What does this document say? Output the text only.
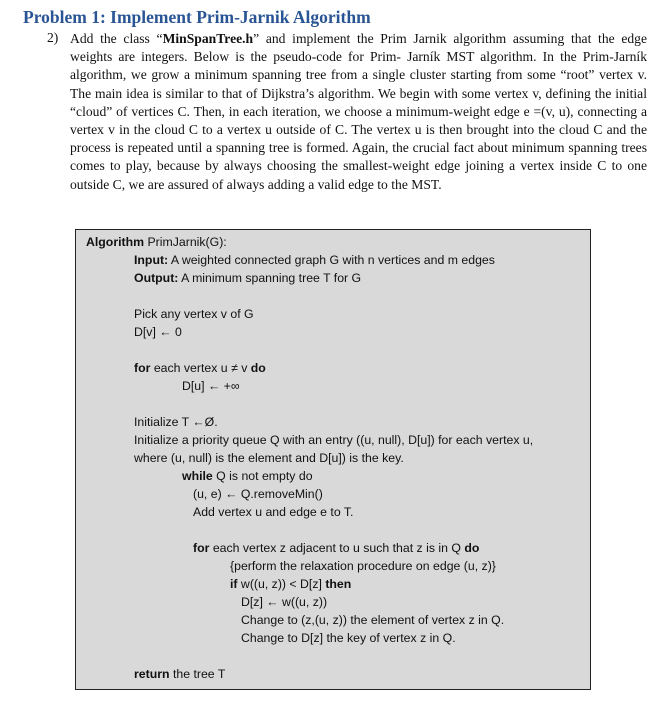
Problem 1: Implement Prim-Jarnik Algorithm
2) Add the class “MinSpanTree.h” and implement the Prim Jarnik algorithm assuming that the edge weights are integers. Below is the pseudo-code for Prim- Jarník MST algorithm. In the Prim-Jarník algorithm, we grow a minimum spanning tree from a single cluster starting from some “root” vertex v. The main idea is similar to that of Dijkstra’s algorithm. We begin with some vertex v, defining the initial “cloud” of vertices C. Then, in each iteration, we choose a minimum-weight edge e =(v, u), connecting a vertex v in the cloud C to a vertex u outside of C. The vertex u is then brought into the cloud C and the process is repeated until a spanning tree is formed. Again, the crucial fact about minimum spanning trees comes to play, because by always choosing the smallest-weight edge joining a vertex inside C to one outside C, we are assured of always adding a valid edge to the MST.

Algorithm PrimJarnik(G):
Input: A weighted connected graph G with n vertices and m edges
Output: A minimum spanning tree T for G
Pick any vertex v of G
D[v] ← 0
for each vertex u ≠ v do
D[u] ← +∞
Initialize T ←Ø.
Initialize a priority queue Q with an entry ((u, null), D[u]) for each vertex u,
where (u, null) is the element and D[u]) is the key.
while Q is not empty do
(u, e) ← Q.removeMin()
Add vertex u and edge e to T.
for each vertex z adjacent to u such that z is in Q do
{perform the relaxation procedure on edge (u, z)}
if w((u, z)) < D[z] then
D[z] ← w((u, z))
Change to (z,(u, z)) the element of vertex z in Q.
Change to D[z] the key of vertex z in Q.
return the tree T
